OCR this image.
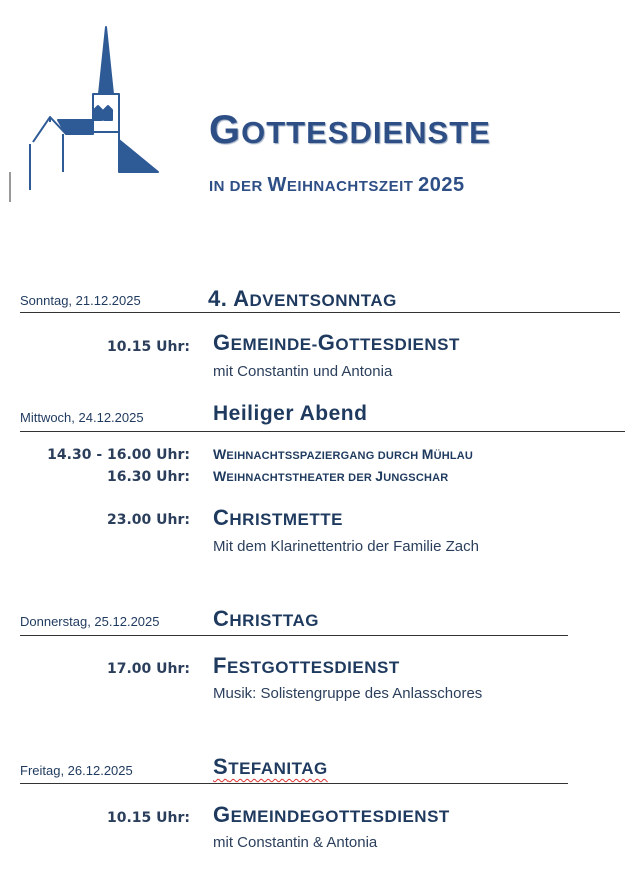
GOTTESDIENSTE
IN DER WEIHNACHTSZEIT 2025
Sonntag, 21.12.2025	4. ADVENTSONNTAG
10.15 Uhr: GEMEINDE-GOTTESDIENST
mit Constantin und Antonia
Mittwoch, 24.12.2025	Heiliger Abend
14.30 - 16.00 Uhr: WEIHNACHTSSPAZIERGANG DURCH MÜHLAU
16.30 Uhr: WEIHNACHTSTHEATER DER JUNGSCHAR
23.00 Uhr: CHRISTMETTE
Mit dem Klarinettentrio der Familie Zach
Donnerstag, 25.12.2025 CHRISTTAG
17.00 Uhr: FESTGOTTESDIENST
Musik: Solistengruppe des Anlasschores
Freitag, 26.12.2025	STEFANITAG
10.15 Uhr: GEMEINDEGOTTESDIENST
mit Constantin & Antonia
